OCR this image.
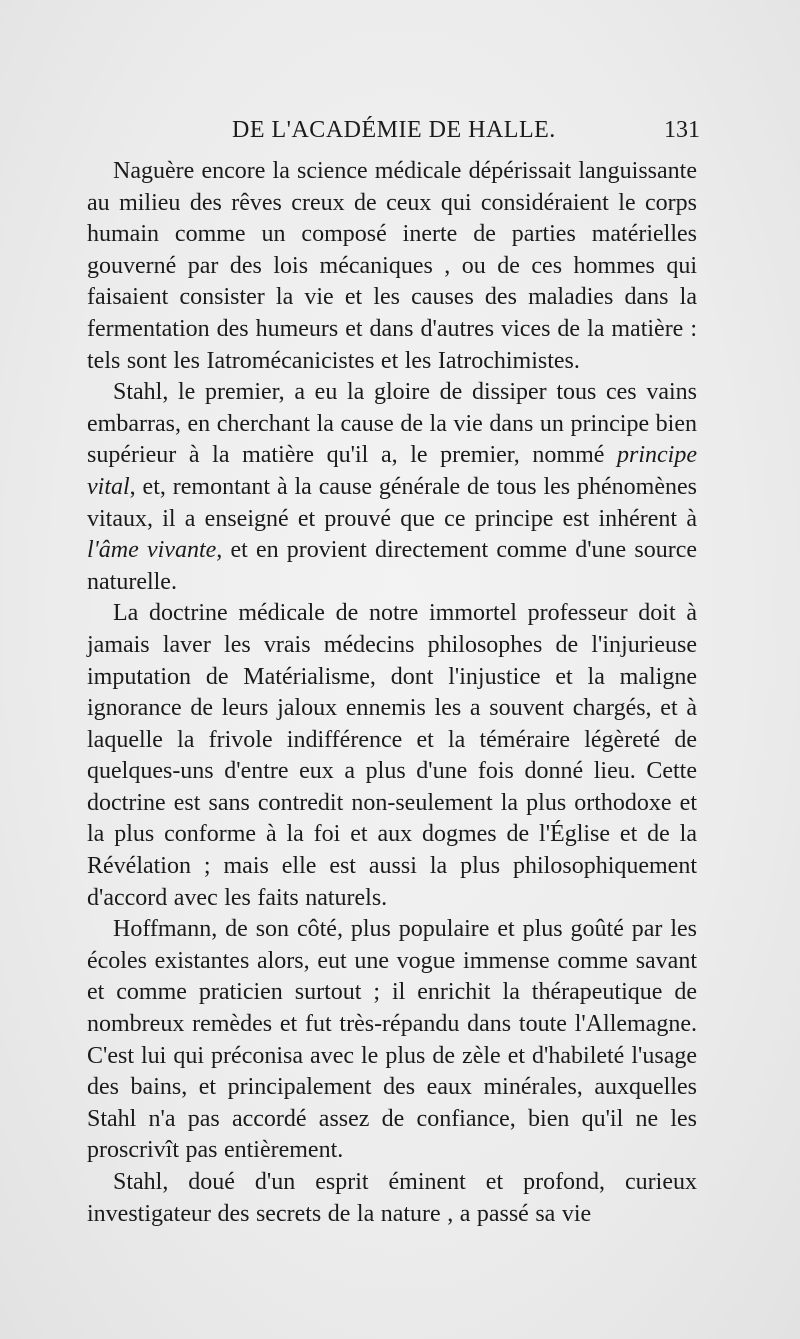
DE L'ACADÉMIE DE HALLE.	131

Naguère encore la science médicale dépérissait languissante au milieu des rêves creux de ceux qui considéraient le corps humain comme un composé inerte de parties matérielles gouverné par des lois mécaniques , ou de ces hommes qui faisaient consister la vie et les causes des maladies dans la fermentation des humeurs et dans d'autres vices de la matière : tels sont les Iatromécanicistes et les Iatrochimistes.

Stahl, le premier, a eu la gloire de dissiper tous ces vains embarras, en cherchant la cause de la vie dans un principe bien supérieur à la matière qu'il a, le premier, nommé principe vital, et, remontant à la cause générale de tous les phénomènes vitaux, il a enseigné et prouvé que ce principe est inhérent à l'âme vivante, et en provient directement comme d'une source naturelle.

La doctrine médicale de notre immortel professeur doit à jamais laver les vrais médecins philosophes de l'injurieuse imputation de Matérialisme, dont l'injustice et la maligne ignorance de leurs jaloux ennemis les a souvent chargés, et à laquelle la frivole indifférence et la téméraire légèreté de quelques-uns d'entre eux a plus d'une fois donné lieu. Cette doctrine est sans contredit non-seulement la plus orthodoxe et la plus conforme à la foi et aux dogmes de l'Église et de la Révélation ; mais elle est aussi la plus philosophiquement d'accord avec les faits naturels.

Hoffmann, de son côté, plus populaire et plus goûté par les écoles existantes alors, eut une vogue immense comme savant et comme praticien surtout ; il enrichit la thérapeutique de nombreux remèdes et fut très-répandu dans toute l'Allemagne. C'est lui qui préconisa avec le plus de zèle et d'habileté l'usage des bains, et principalement des eaux minérales, auxquelles Stahl n'a pas accordé assez de confiance, bien qu'il ne les proscrivît pas entièrement.

Stahl, doué d'un esprit éminent et profond, curieux investigateur des secrets de la nature , a passé sa vie
